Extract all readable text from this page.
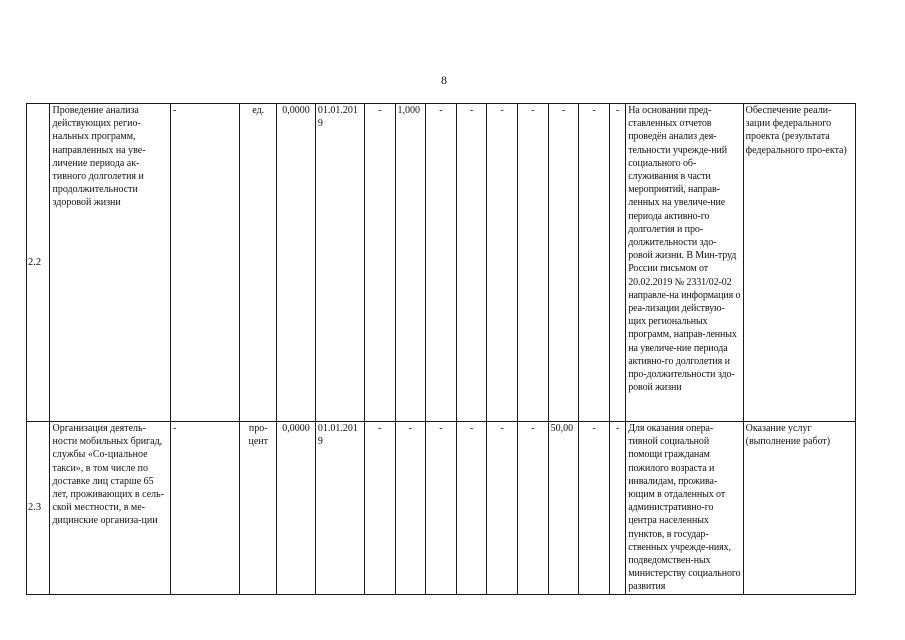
8
2.2	Проведение анализа действующих регио-нальных программ, направленных на уве-личение периода ак-тивного долголетия и продолжительности здоровой жизни	-	ед.	0,0000	01.01.2019	-	1,000	-	-	-	-	-	-	-	На основании пред-ставленных отчетов проведён анализ дея-тельности учрежде-ний социального об-служивания в части мероприятий, направ-ленных на увеличе-ние периода активно-го долголетия и про-должительности здо-ровой жизни. В Мин-труд России письмом от 20.02.2019 № 2331/02-02 направле-на информация о реа-лизации действую-щих региональных программ, направ-ленных на увеличе-ние периода активно-го долголетия и про-должительности здо-ровой жизни	Обеспечение реали-зации федерального проекта (результата федерального про-екта)
2.3	Организация деятель-ности мобильных бригад, службы «Со-циальное такси», в том числе по доставке лиц старше 65 лет, проживающих в сель-ской местности, в ме-дицинские организа-ции	-	про-цент	0,0000	01.01.2019	-	-	-	-	-	-	50,00	-	-	Для оказания опера-тивной социальной помощи гражданам пожилого возраста и инвалидам, прожива-ющим в отдаленных от административно-го центра населенных пунктов, в государ-ственных учрежде-ниях, подведомствен-ных министерству социального развития	Оказание услуг (выполнение работ)
